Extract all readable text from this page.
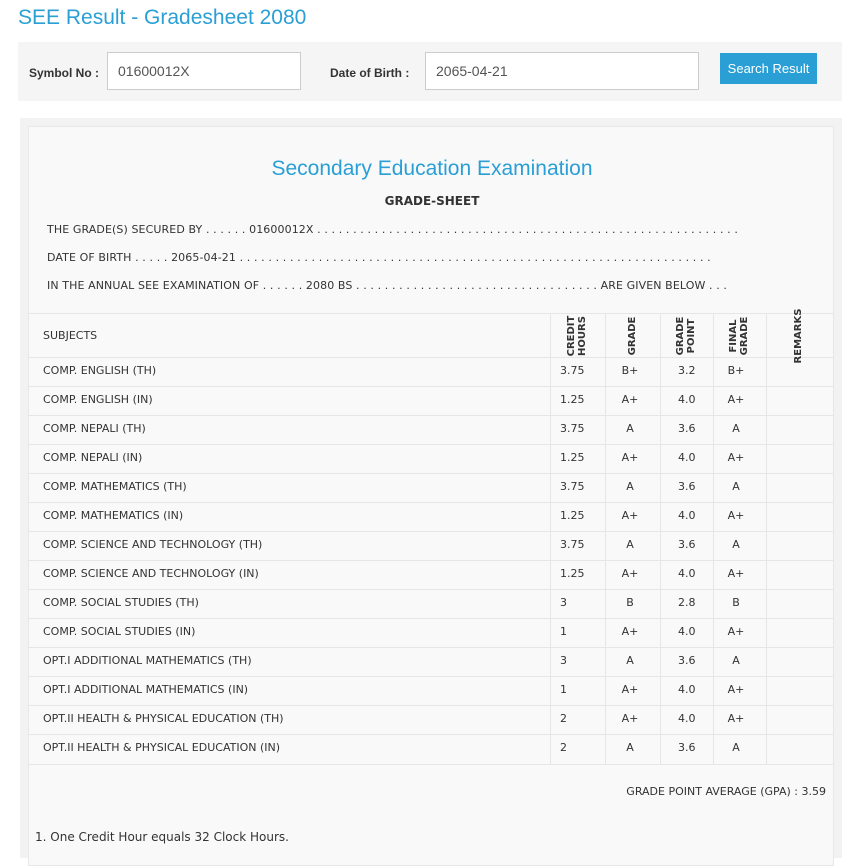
SEE Result - Gradesheet 2080
Symbol No :	01600012X	Date of Birth :	2065-04-21	Search Result
Secondary Education Examination
GRADE-SHEET
THE GRADE(S) SECURED BY . . . . . . 01600012X . . . . . . . . . . . . . . . . . . . . . . . . . . . . . . . . . . . . . . . . . . . . . . . . . . . . . . . . . . .
DATE OF BIRTH . . . . . 2065-04-21 . . . . . . . . . . . . . . . . . . . . . . . . . . . . . . . . . . . . . . . . . . . . . . . . . . . . . . . . . . . . . . . . . .
IN THE ANNUAL SEE EXAMINATION OF . . . . . . 2080 BS . . . . . . . . . . . . . . . . . . . . . . . . . . . . . . . . . . ARE GIVEN BELOW . . .
SUBJECTS	CREDIT HOURS	GRADE	GRADE POINT	FINAL GRADE	REMARKS
COMP. ENGLISH (TH)	3.75	B+	3.2	B+
COMP. ENGLISH (IN)	1.25	A+	4.0	A+
COMP. NEPALI (TH)	3.75	A	3.6	A
COMP. NEPALI (IN)	1.25	A+	4.0	A+
COMP. MATHEMATICS (TH)	3.75	A	3.6	A
COMP. MATHEMATICS (IN)	1.25	A+	4.0	A+
COMP. SCIENCE AND TECHNOLOGY (TH)	3.75	A	3.6	A
COMP. SCIENCE AND TECHNOLOGY (IN)	1.25	A+	4.0	A+
COMP. SOCIAL STUDIES (TH)	3	B	2.8	B
COMP. SOCIAL STUDIES (IN)	1	A+	4.0	A+
OPT.I ADDITIONAL MATHEMATICS (TH)	3	A	3.6	A
OPT.I ADDITIONAL MATHEMATICS (IN)	1	A+	4.0	A+
OPT.II HEALTH & PHYSICAL EDUCATION (TH)	2	A+	4.0	A+
OPT.II HEALTH & PHYSICAL EDUCATION (IN)	2	A	3.6	A
GRADE POINT AVERAGE (GPA) : 3.59
1. One Credit Hour equals 32 Clock Hours.
